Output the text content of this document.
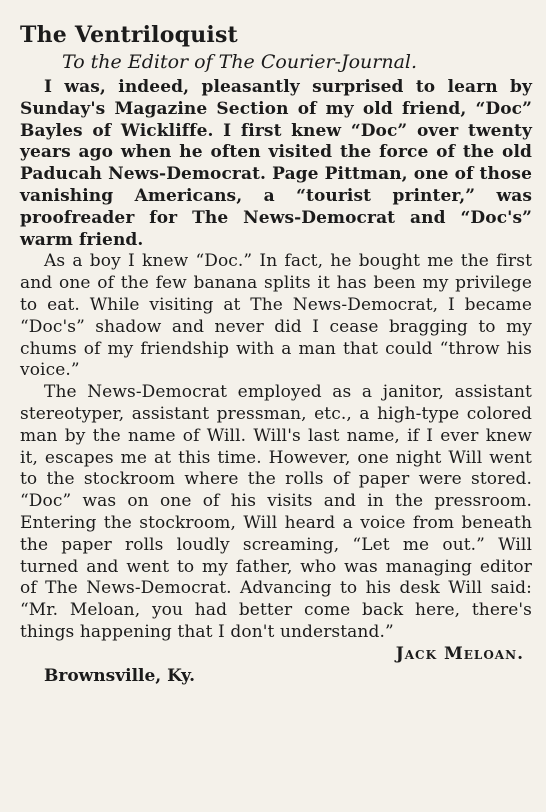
The Ventriloquist
To the Editor of The Courier-Journal.

I was, indeed, pleasantly surprised to learn by Sunday's Magazine Section of my old friend, “Doc” Bayles of Wickliffe. I first knew “Doc” over twenty years ago when he often visited the force of the old Paducah News-Democrat. Page Pittman, one of those vanishing Americans, a “tourist printer,” was proofreader for The News-Democrat and “Doc's” warm friend.

As a boy I knew “Doc.” In fact, he bought me the first and one of the few banana splits it has been my privilege to eat. While visiting at The News-Democrat, I became “Doc's” shadow and never did I cease bragging to my chums of my friendship with a man that could “throw his voice.”

The News-Democrat employed as a janitor, assistant stereotyper, assistant pressman, etc., a high-type colored man by the name of Will. Will's last name, if I ever knew it, escapes me at this time. However, one night Will went to the stockroom where the rolls of paper were stored. “Doc” was on one of his visits and in the pressroom. Entering the stockroom, Will heard a voice from beneath the paper rolls loudly screaming, “Let me out.” Will turned and went to my father, who was managing editor of The News-Democrat. Advancing to his desk Will said: “Mr. Meloan, you had better come back here, there's things happening that I don't understand.”

Jack Meloan.

Brownsville, Ky.
